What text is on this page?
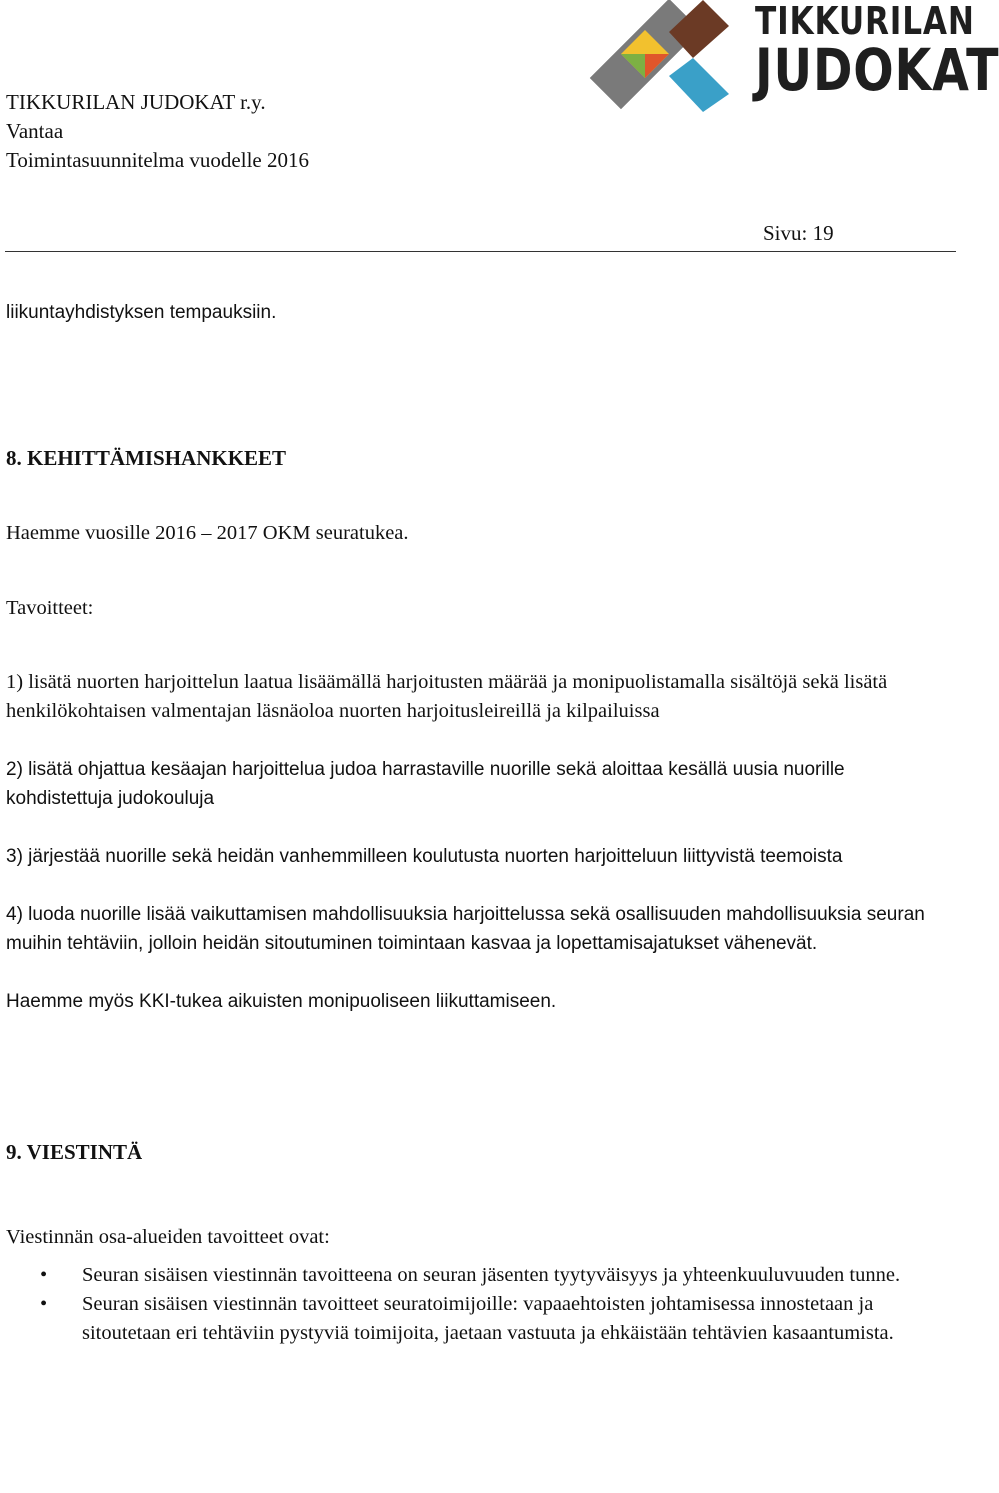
TIKKURILAN JUDOKAT r.y.
Vantaa
Toimintasuunnitelma vuodelle 2016
TIKKURILAN
JUDOKAT
Sivu: 19

liikuntayhdistyksen tempauksiin.

8. KEHITTÄMISHANKKEET

Haemme vuosille 2016 – 2017 OKM seuratukea.

Tavoitteet:

1) lisätä nuorten harjoittelun laatua lisäämällä harjoitusten määrää ja monipuolistamalla sisältöjä sekä lisätä henkilökohtaisen valmentajan läsnäoloa nuorten harjoitusleireillä ja kilpailuissa

2) lisätä ohjattua kesäajan harjoittelua judoa harrastaville nuorille sekä aloittaa kesällä uusia nuorille kohdistettuja judokouluja

3) järjestää nuorille sekä heidän vanhemmilleen koulutusta nuorten harjoitteluun liittyvistä teemoista

4) luoda nuorille lisää vaikuttamisen mahdollisuuksia harjoittelussa sekä osallisuuden mahdollisuuksia seuran muihin tehtäviin, jolloin heidän sitoutuminen toimintaan kasvaa ja lopettamisajatukset vähenevät.

Haemme myös KKI-tukea aikuisten monipuoliseen liikuttamiseen.

9. VIESTINTÄ

Viestinnän osa-alueiden tavoitteet ovat:

• Seuran sisäisen viestinnän tavoitteena on seuran jäsenten tyytyväisyys ja yhteenkuuluvuuden tunne.
• Seuran sisäisen viestinnän tavoitteet seuratoimijoille: vapaaehtoisten johtamisessa innostetaan ja sitoutetaan eri tehtäviin pystyviä toimijoita, jaetaan vastuuta ja ehkäistään tehtävien kasaantumista.
